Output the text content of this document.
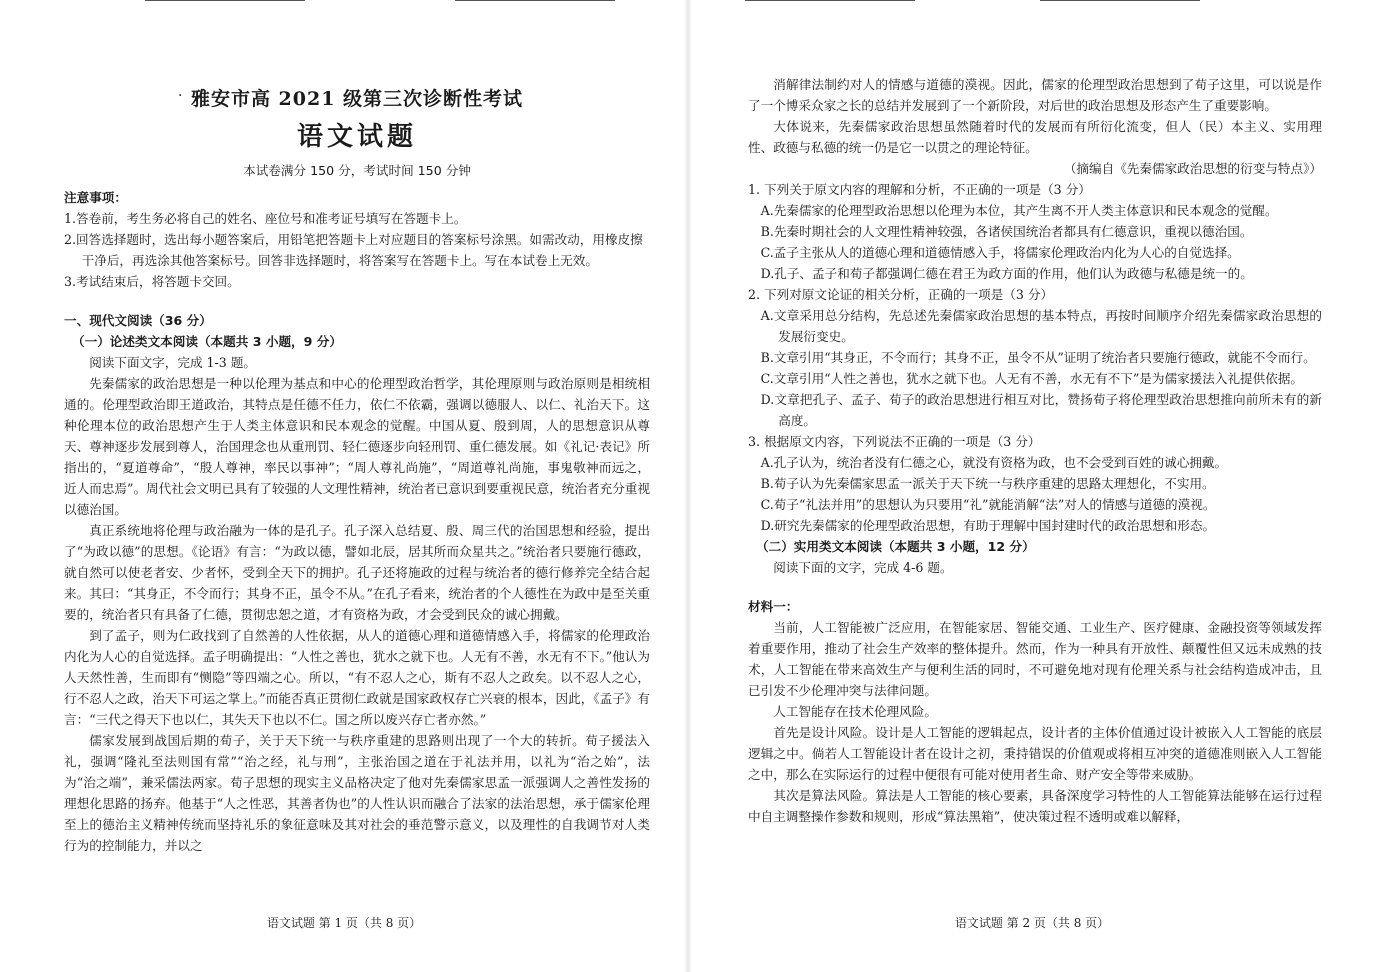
· 雅安市高 2021 级第三次诊断性考试

语文试题

本试卷满分 150 分，考试时间 150 分钟

注意事项：

1.答卷前，考生务必将自己的姓名、座位号和准考证号填写在答题卡上。

2.回答选择题时，选出每小题答案后，用铅笔把答题卡上对应题目的答案标号涂黑。如需改动，用橡皮擦干净后，再选涂其他答案标号。回答非选择题时，将答案写在答题卡上。写在本试卷上无效。

3.考试结束后，将答题卡交回。

一、现代文阅读（36 分）

（一）论述类文本阅读（本题共 3 小题，9 分）

阅读下面文字，完成 1-3 题。

先秦儒家的政治思想是一种以伦理为基点和中心的伦理型政治哲学，其伦理原则与政治原则是相统相通的。伦理型政治即王道政治，其特点是任德不任力，依仁不依霸，强调以德服人、以仁、礼治天下。这种伦理本位的政治思想产生于人类主体意识和民本观念的觉醒。中国从夏、殷到周，人的思想意识从尊天、尊神逐步发展到尊人，治国理念也从重刑罚、轻仁德逐步向轻刑罚、重仁德发展。如《礼记·表记》所指出的，“夏道尊命”，“殷人尊神，率民以事神”；“周人尊礼尚施”，“周道尊礼尚施，事鬼敬神而远之，近人而忠焉”。周代社会文明已具有了较强的人文理性精神，统治者已意识到要重视民意，统治者充分重视以德治国。

真正系统地将伦理与政治融为一体的是孔子。孔子深入总结夏、殷、周三代的治国思想和经验，提出了“为政以德”的思想。《论语》有言：“为政以德，譬如北辰，居其所而众星共之。”统治者只要施行德政，就自然可以使老者安、少者怀，受到全天下的拥护。孔子还将施政的过程与统治者的德行修养完全结合起来。其曰：“其身正，不令而行；其身不正，虽令不从。”在孔子看来，统治者的个人德性在为政中是至关重要的，统治者只有具备了仁德，贯彻忠恕之道，才有资格为政，才会受到民众的诚心拥戴。

到了孟子，则为仁政找到了自然善的人性依据，从人的道德心理和道德情感入手，将儒家的伦理政治内化为人心的自觉选择。孟子明确提出：“人性之善也，犹水之就下也。人无有不善，水无有不下。”他认为人天然性善，生而即有“恻隐”等四端之心。所以，“有不忍人之心，斯有不忍人之政矣。以不忍人之心，行不忍人之政，治天下可运之掌上。”而能否真正贯彻仁政就是国家政权存亡兴衰的根本，因此，《孟子》有言：“三代之得天下也以仁，其失天下也以不仁。国之所以废兴存亡者亦然。”

儒家发展到战国后期的荀子，关于天下统一与秩序重建的思路则出现了一个大的转折。荀子援法入礼，强调“隆礼至法则国有常”“治之经，礼与刑”，主张治国之道在于礼法并用，以礼为“治之始”，法为“治之端”，兼采儒法两家。荀子思想的现实主义品格决定了他对先秦儒家思孟一派强调人之善性发扬的理想化思路的扬弃。他基于“人之性恶，其善者伪也”的人性认识而融合了法家的法治思想，承于儒家伦理至上的德治主义精神传统而坚持礼乐的象征意味及其对社会的垂范警示意义，以及理性的自我调节对人类行为的控制能力，并以之

语文试题 第 1 页（共 8 页）

消解律法制约对人的情感与道德的漠视。因此，儒家的伦理型政治思想到了荀子这里，可以说是作了一个博采众家之长的总结并发展到了一个新阶段，对后世的政治思想及形态产生了重要影响。

大体说来，先秦儒家政治思想虽然随着时代的发展而有所衍化流变，但人（民）本主义、实用理性、政德与私德的统一仍是它一以贯之的理论特征。

（摘编自《先秦儒家政治思想的衍变与特点》）

1. 下列关于原文内容的理解和分析，不正确的一项是（3 分）

A.先秦儒家的伦理型政治思想以伦理为本位，其产生离不开人类主体意识和民本观念的觉醒。

B.先秦时期社会的人文理性精神较强，各诸侯国统治者都具有仁德意识，重视以德治国。

C.孟子主张从人的道德心理和道德情感入手，将儒家伦理政治内化为人心的自觉选择。

D.孔子、孟子和荀子都强调仁德在君王为政方面的作用，他们认为政德与私德是统一的。

2. 下列对原文论证的相关分析，正确的一项是（3 分）

A.文章采用总分结构，先总述先秦儒家政治思想的基本特点，再按时间顺序介绍先秦儒家政治思想的发展衍变史。

B.文章引用“其身正，不令而行；其身不正，虽令不从”证明了统治者只要施行德政，就能不令而行。

C.文章引用“人性之善也，犹水之就下也。人无有不善，水无有不下”是为儒家援法入礼提供依据。

D.文章把孔子、孟子、荀子的政治思想进行相互对比，赞扬荀子将伦理型政治思想推向前所未有的新高度。

3. 根据原文内容，下列说法不正确的一项是（3 分）

A.孔子认为，统治者没有仁德之心，就没有资格为政，也不会受到百姓的诚心拥戴。

B.荀子认为先秦儒家思孟一派关于天下统一与秩序重建的思路太理想化，不实用。

C.荀子“礼法并用”的思想认为只要用“礼”就能消解“法”对人的情感与道德的漠视。

D.研究先秦儒家的伦理型政治思想，有助于理解中国封建时代的政治思想和形态。

（二）实用类文本阅读（本题共 3 小题，12 分）

阅读下面的文字，完成 4-6 题。

材料一：

当前，人工智能被广泛应用，在智能家居、智能交通、工业生产、医疗健康、金融投资等领域发挥着重要作用，推动了社会生产效率的整体提升。然而，作为一种具有开放性、颠覆性但又远未成熟的技术，人工智能在带来高效生产与便利生活的同时，不可避免地对现有伦理关系与社会结构造成冲击，且已引发不少伦理冲突与法律问题。

人工智能存在技术伦理风险。

首先是设计风险。设计是人工智能的逻辑起点，设计者的主体价值通过设计被嵌入人工智能的底层逻辑之中。倘若人工智能设计者在设计之初，秉持错误的价值观或将相互冲突的道德准则嵌入人工智能之中，那么在实际运行的过程中便很有可能对使用者生命、财产安全等带来威胁。

其次是算法风险。算法是人工智能的核心要素，具备深度学习特性的人工智能算法能够在运行过程中自主调整操作参数和规则，形成“算法黑箱”，使决策过程不透明或难以解释，

语文试题 第 2 页（共 8 页）
